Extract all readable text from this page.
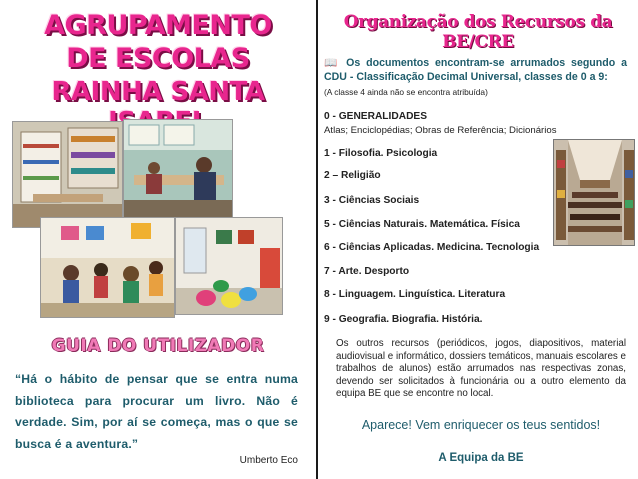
AGRUPAMENTO
DE ESCOLAS
RAINHA SANTA
GUIA DO UTILIZADOR
“Há o hábito de pensar que se entra numa biblioteca para procurar um livro. Não é verdade. Sim, por aí se começa, mas o que se busca é a aventura.”
Umberto Eco
Organização dos Recursos da BE/CRE
📖 Os documentos encontram-se arrumados segundo a CDU - Classificação Decimal Universal, classes de 0 a 9:
(A classe 4 ainda não se encontra atribuída)
0 - GENERALIDADES
Atlas; Enciclopédias; Obras de Referência; Dicionários
1 - Filosofia. Psicologia
2 – Religião
3 - Ciências Sociais
5 - Ciências Naturais. Matemática. Física
6 - Ciências Aplicadas. Medicina. Tecnologia
7 - Arte. Desporto
8 - Linguagem. Linguística. Literatura
9 - Geografia. Biografia. História.
Os outros recursos (periódicos, jogos, diapositivos, material audiovisual e informático, dossiers temáticos, manuais escolares e trabalhos de alunos) estão arrumados nas respectivas zonas, devendo ser solicitados à funcionária ou a outro elemento da equipa BE que se encontre no local.
Aparece! Vem enriquecer os teus sentidos!
A Equipa da BE
